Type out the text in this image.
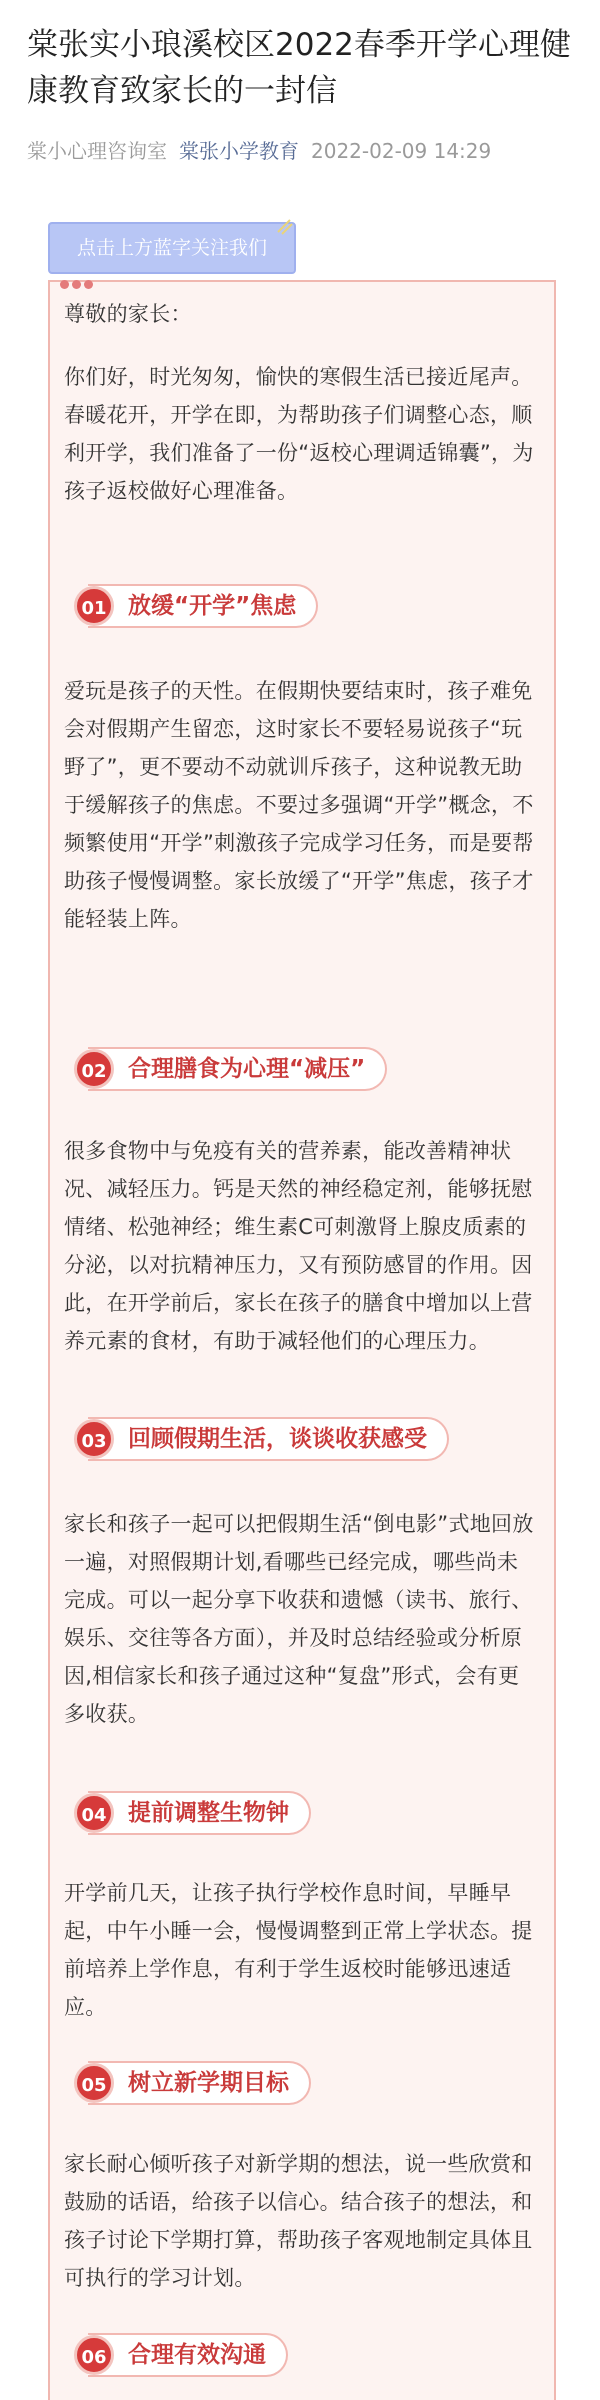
棠张实小琅溪校区2022春季开学心理健康教育致家长的一封信
棠小心理咨询室 棠张小学教育 2022-02-09 14:29
点击上方蓝字关注我们

尊敬的家长：

你们好，时光匆匆，愉快的寒假生活已接近尾声。春暖花开，开学在即，为帮助孩子们调整心态，顺利开学，我们准备了一份“返校心理调适锦囊”，为孩子返校做好心理准备。

01 放缓“开学”焦虑

爱玩是孩子的天性。在假期快要结束时，孩子难免会对假期产生留恋，这时家长不要轻易说孩子“玩野了”，更不要动不动就训斥孩子，这种说教无助于缓解孩子的焦虑。不要过多强调“开学”概念，不频繁使用“开学”刺激孩子完成学习任务，而是要帮助孩子慢慢调整。家长放缓了“开学”焦虑，孩子才能轻装上阵。

02 合理膳食为心理“减压”

很多食物中与免疫有关的营养素，能改善精神状况、减轻压力。钙是天然的神经稳定剂，能够抚慰情绪、松弛神经；维生素C可刺激肾上腺皮质素的分泌，以对抗精神压力，又有预防感冒的作用。因此，在开学前后，家长在孩子的膳食中增加以上营养元素的食材，有助于减轻他们的心理压力。

03 回顾假期生活，谈谈收获感受

家长和孩子一起可以把假期生活“倒电影”式地回放一遍，对照假期计划,看哪些已经完成，哪些尚未完成。可以一起分享下收获和遗憾（读书、旅行、娱乐、交往等各方面），并及时总结经验或分析原因,相信家长和孩子通过这种“复盘”形式，会有更多收获。

04 提前调整生物钟

开学前几天，让孩子执行学校作息时间，早睡早起，中午小睡一会，慢慢调整到正常上学状态。提前培养上学作息，有利于学生返校时能够迅速适应。

05 树立新学期目标

家长耐心倾听孩子对新学期的想法，说一些欣赏和鼓励的话语，给孩子以信心。结合孩子的想法，和孩子讨论下学期打算，帮助孩子客观地制定具体且可执行的学习计划。

06 合理有效沟通
